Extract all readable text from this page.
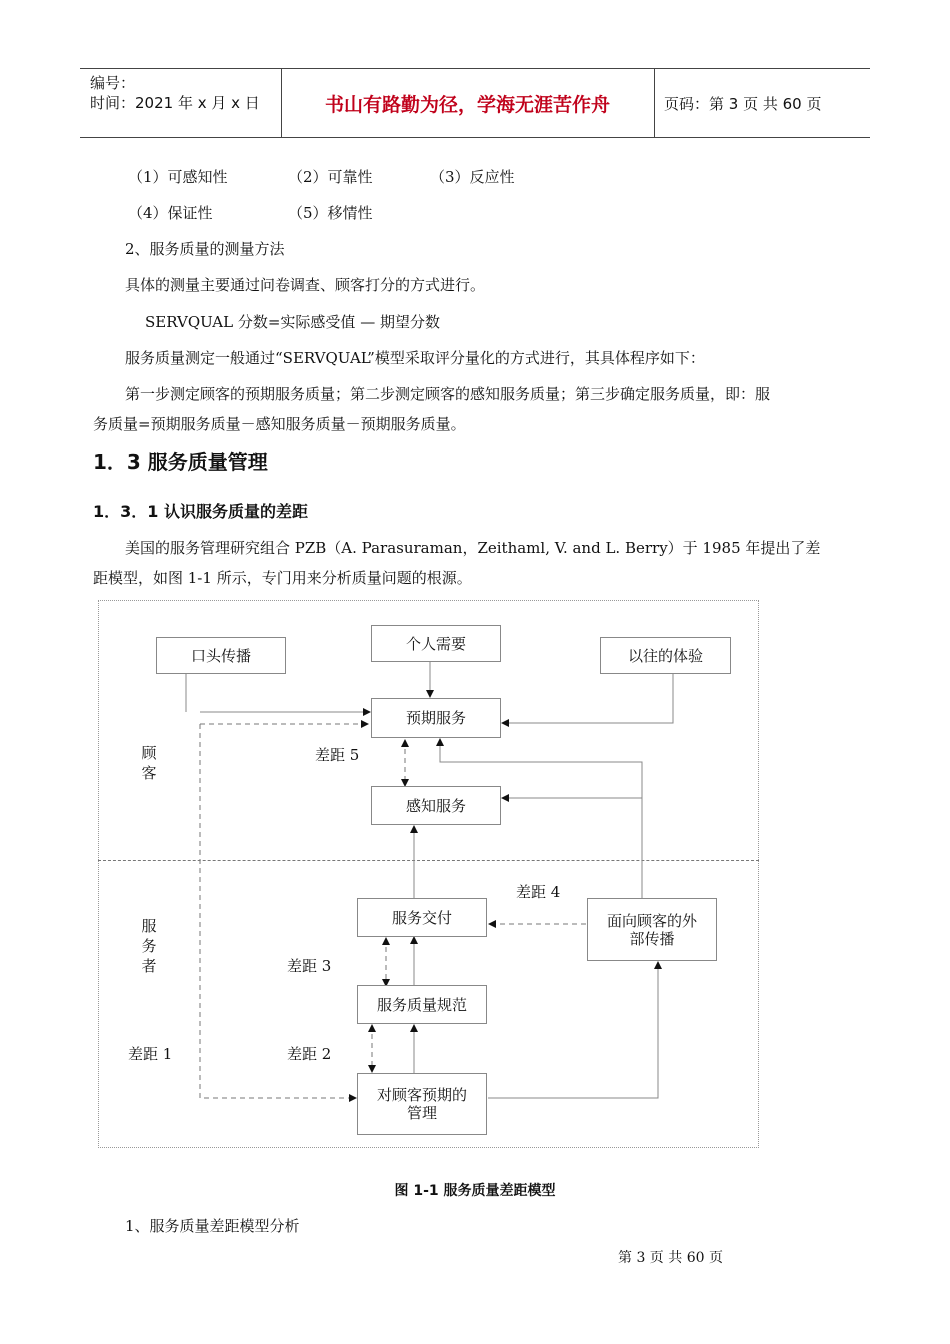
编号：
时间：2021 年 x 月 x 日	书山有路勤为径，学海无涯苦作舟	页码：第 3 页 共 60 页
（1）可感知性	（2）可靠性	（3）反应性
（4）保证性	（5）移情性
2、服务质量的测量方法
具体的测量主要通过问卷调查、顾客打分的方式进行。
SERVQUAL 分数=实际感受值 — 期望分数
服务质量测定一般通过“SERVQUAL”模型采取评分量化的方式进行，其具体程序如下：
第一步测定顾客的预期服务质量；第二步测定顾客的感知服务质量；第三步确定服务质量，即：服
务质量=预期服务质量－感知服务质量－预期服务质量。
1．3 服务质量管理
1．3．1 认识服务质量的差距
美国的服务管理研究组合 PZB（A. Parasuraman，Zeithaml, V. and L. Berry）于 1985 年提出了差
距模型，如图 1-1 所示，专门用来分析质量问题的根源。
口头传播
个人需要
以往的体验
预期服务
感知服务
服务交付	面向顾客的外部传播
服务质量规范
对顾客预期的管理
顾客
服务者
差距 5
差距 4
差距 3
差距 2
差距 1
图 1-1 服务质量差距模型
1、服务质量差距模型分析
第 3 页 共 60 页
